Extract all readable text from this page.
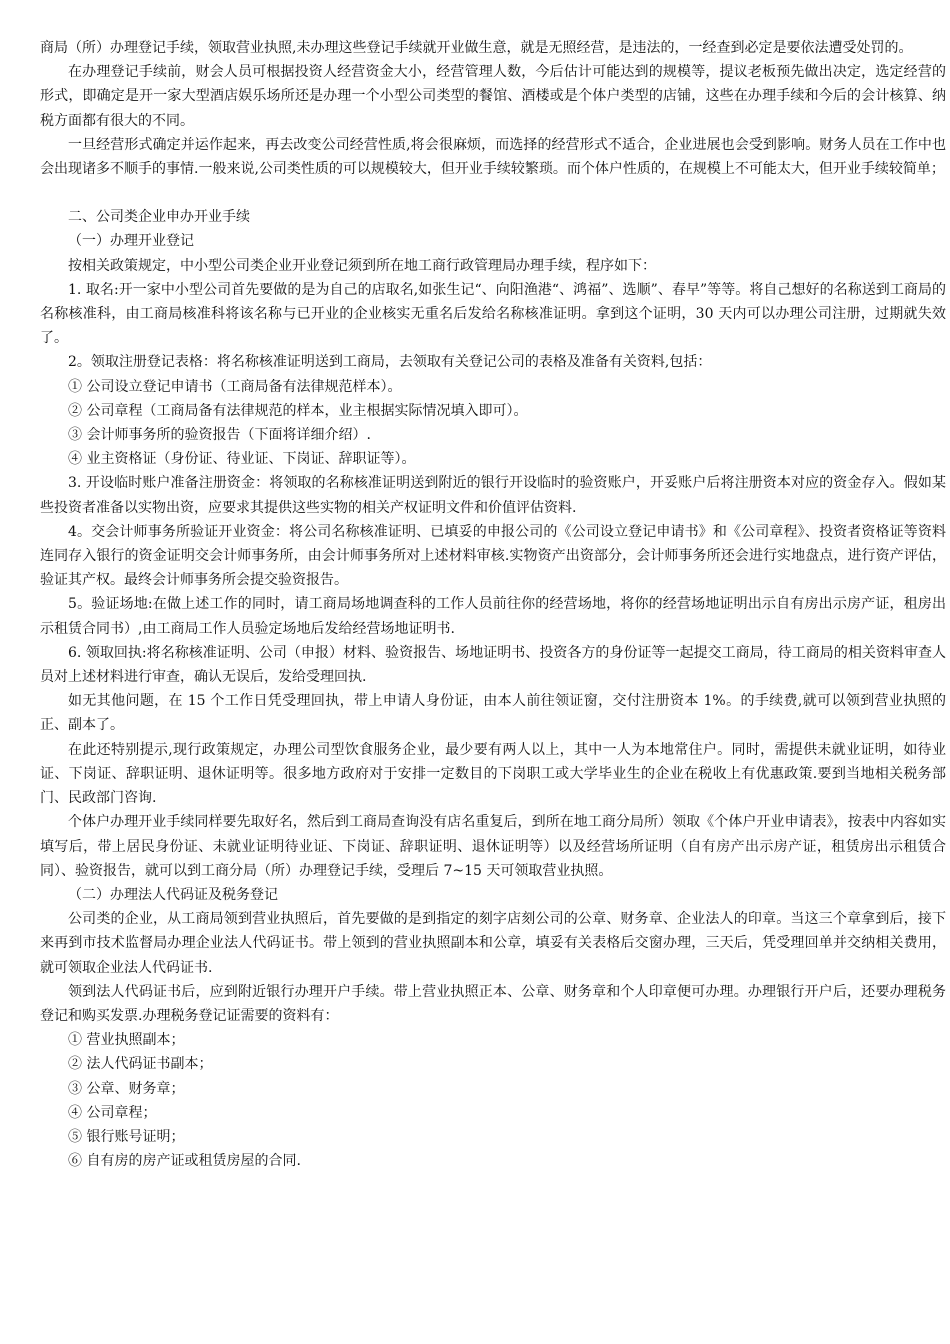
商局（所）办理登记手续，领取营业执照,未办理这些登记手续就开业做生意，就是无照经营，是违法的，一经查到必定是要依法遭受处罚的。

在办理登记手续前，财会人员可根据投资人经营资金大小，经营管理人数，今后估计可能达到的规模等，提议老板预先做出决定，选定经营的形式，即确定是开一家大型酒店娱乐场所还是办理一个小型公司类型的餐馆、酒楼或是个体户类型的店铺，这些在办理手续和今后的会计核算、纳税方面都有很大的不同。

一旦经营形式确定并运作起来，再去改变公司经营性质,将会很麻烦，而选择的经营形式不适合，企业进展也会受到影响。财务人员在工作中也会出现诸多不顺手的事情.一般来说,公司类性质的可以规模较大，但开业手续较繁琐。而个体户性质的，在规模上不可能太大，但开业手续较简单；

二、公司类企业申办开业手续

（一）办理开业登记

按相关政策规定，中小型公司类企业开业登记须到所在地工商行政管理局办理手续，程序如下：

1. 取名:开一家中小型公司首先要做的是为自己的店取名,如张生记“、向阳渔港“、鸿福”、选顺”、春早”等等。将自己想好的名称送到工商局的名称核准科，由工商局核准科将该名称与已开业的企业核实无重名后发给名称核准证明。拿到这个证明，30 天内可以办理公司注册，过期就失效了。

2。领取注册登记表格：将名称核准证明送到工商局，去领取有关登记公司的表格及准备有关资料,包括：

① 公司设立登记申请书（工商局备有法律规范样本）。

② 公司章程（工商局备有法律规范的样本，业主根据实际情况填入即可）。

③ 会计师事务所的验资报告（下面将详细介绍）.

④ 业主资格证（身份证、待业证、下岗证、辞职证等）。

3. 开设临时账户准备注册资金：将领取的名称核准证明送到附近的银行开设临时的验资账户，开妥账户后将注册资本对应的资金存入。假如某些投资者准备以实物出资，应要求其提供这些实物的相关产权证明文件和价值评估资料.

4。交会计师事务所验证开业资金：将公司名称核准证明、已填妥的申报公司的《公司设立登记申请书》和《公司章程》、投资者资格证等资料连同存入银行的资金证明交会计师事务所，由会计师事务所对上述材料审核.实物资产出资部分，会计师事务所还会进行实地盘点，进行资产评估，验证其产权。最终会计师事务所会提交验资报告。

5。验证场地:在做上述工作的同时，请工商局场地调查科的工作人员前往你的经营场地，将你的经营场地证明出示自有房出示房产证，租房出示租赁合同书）,由工商局工作人员验定场地后发给经营场地证明书.

6. 领取回执:将名称核准证明、公司（申报）材料、验资报告、场地证明书、投资各方的身份证等一起提交工商局，待工商局的相关资料审查人员对上述材料进行审查，确认无误后，发给受理回执.

如无其他问题，在 15 个工作日凭受理回执，带上申请人身份证，由本人前往领证窗，交付注册资本 1%。的手续费,就可以领到营业执照的正、副本了。

在此还特别提示,现行政策规定，办理公司型饮食服务企业，最少要有两人以上，其中一人为本地常住户。同时，需提供未就业证明，如待业证、下岗证、辞职证明、退休证明等。很多地方政府对于安排一定数目的下岗职工或大学毕业生的企业在税收上有优惠政策.要到当地相关税务部门、民政部门咨询.

个体户办理开业手续同样要先取好名，然后到工商局查询没有店名重复后，到所在地工商分局所）领取《个体户开业申请表》，按表中内容如实填写后，带上居民身份证、未就业证明待业证、下岗证、辞职证明、退休证明等）以及经营场所证明（自有房产出示房产证，租赁房出示租赁合同）、验资报告，就可以到工商分局（所）办理登记手续，受理后 7~15 天可领取营业执照。

（二）办理法人代码证及税务登记

公司类的企业，从工商局领到营业执照后，首先要做的是到指定的刻字店刻公司的公章、财务章、企业法人的印章。当这三个章拿到后，接下来再到市技术监督局办理企业法人代码证书。带上领到的营业执照副本和公章，填妥有关表格后交窗办理，三天后，凭受理回单并交纳相关费用，就可领取企业法人代码证书.

领到法人代码证书后，应到附近银行办理开户手续。带上营业执照正本、公章、财务章和个人印章便可办理。办理银行开户后，还要办理税务登记和购买发票.办理税务登记证需要的资料有：

① 营业执照副本；

② 法人代码证书副本；

③ 公章、财务章；

④ 公司章程；

⑤ 银行账号证明；

⑥ 自有房的房产证或租赁房屋的合同.
